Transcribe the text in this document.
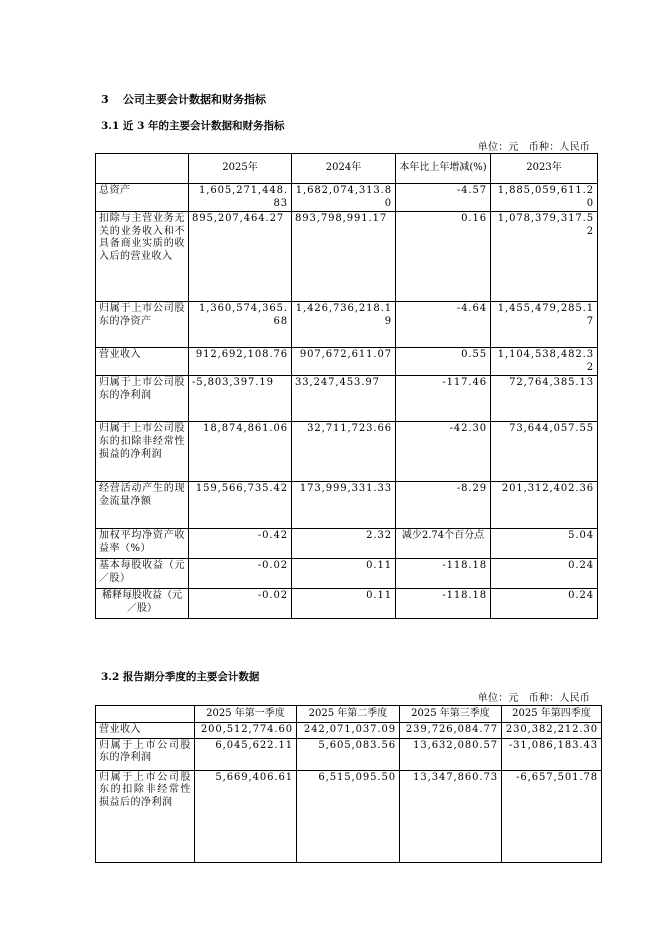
3 公司主要会计数据和财务指标
3.1 近 3 年的主要会计数据和财务指标
单位：元　币种：人民币
	2025年	2024年	本年比上年增减(%)	2023年
总资产	1,605,271,448.83	1,682,074,313.80	-4.57	1,885,059,611.20
扣除与主营业务无关的业务收入和不具备商业实质的收入后的营业收入	895,207,464.27	893,798,991.17	0.16	1,078,379,317.52
归属于上市公司股东的净资产	1,360,574,365.68	1,426,736,218.19	-4.64	1,455,479,285.17
营业收入	912,692,108.76	907,672,611.07	0.55	1,104,538,482.32
归属于上市公司股东的净利润	-5,803,397.19	33,247,453.97	-117.46	72,764,385.13
归属于上市公司股东的扣除非经常性损益的净利润	18,874,861.06	32,711,723.66	-42.30	73,644,057.55
经营活动产生的现金流量净额	159,566,735.42	173,999,331.33	-8.29	201,312,402.36
加权平均净资产收益率（%）	-0.42	2.32	减少2.74个百分点	5.04
基本每股收益（元／股）	-0.02	0.11	-118.18	0.24
稀释每股收益（元／股）	-0.02	0.11	-118.18	0.24
3.2 报告期分季度的主要会计数据
单位：元　币种：人民币
	2025 年第一季度	2025 年第二季度	2025 年第三季度	2025 年第四季度
营业收入	200,512,774.60	242,071,037.09	239,726,084.77	230,382,212.30
归属于上市公司股东的净利润	6,045,622.11	5,605,083.56	13,632,080.57	-31,086,183.43
归属于上市公司股东的扣除非经常性损益后的净利润	5,669,406.61	6,515,095.50	13,347,860.73	-6,657,501.78
